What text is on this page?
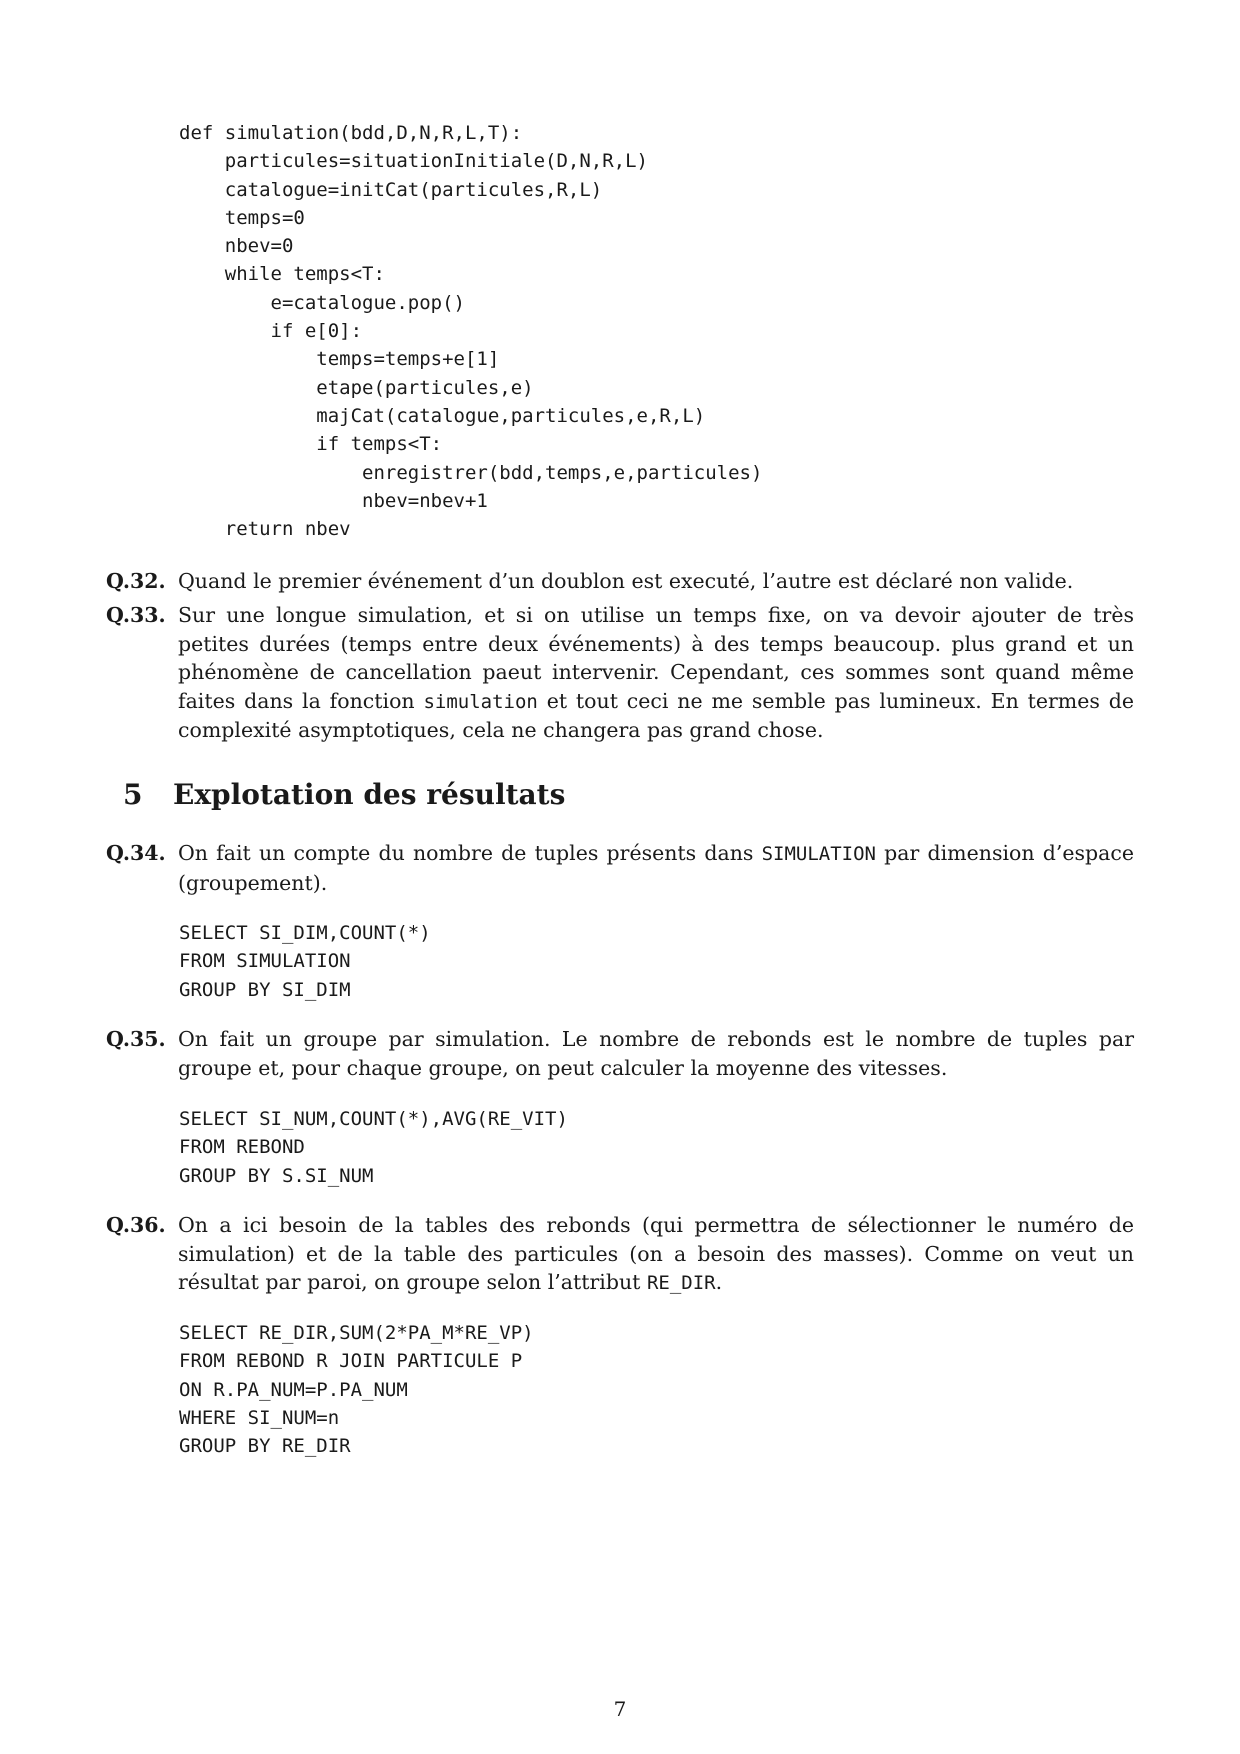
def simulation(bdd,D,N,R,L,T):
particules=situationInitiale(D,N,R,L)
catalogue=initCat(particules,R,L)
temps=0
nbev=0
while temps<T:
e=catalogue.pop()
if e[0]:
temps=temps+e[1]
etape(particules,e)
majCat(catalogue,particules,e,R,L)
if temps<T:
enregistrer(bdd,temps,e,particules)
nbev=nbev+1
return nbev
Q.32. Quand le premier événement d’un doublon est executé, l’autre est déclaré non valide.
Q.33. Sur une longue simulation, et si on utilise un temps fixe, on va devoir ajouter de très petites durées (temps entre deux événements) à des temps beaucoup. plus grand et un phénomène de cancellation paeut intervenir. Cependant, ces sommes sont quand même faites dans la fonction simulation et tout ceci ne me semble pas lumineux. En termes de complexité asymptotiques, cela ne changera pas grand chose.
5 Explotation des résultats
Q.34. On fait un compte du nombre de tuples présents dans SIMULATION par dimension d’espace (groupement).
SELECT SI_DIM,COUNT(*)
FROM SIMULATION
GROUP BY SI_DIM
Q.35. On fait un groupe par simulation. Le nombre de rebonds est le nombre de tuples par groupe et, pour chaque groupe, on peut calculer la moyenne des vitesses.
SELECT SI_NUM,COUNT(*),AVG(RE_VIT)
FROM REBOND
GROUP BY S.SI_NUM
Q.36. On a ici besoin de la tables des rebonds (qui permettra de sélectionner le numéro de simulation) et de la table des particules (on a besoin des masses). Comme on veut un résultat par paroi, on groupe selon l’attribut RE_DIR.
SELECT RE_DIR,SUM(2*PA_M*RE_VP)
FROM REBOND R JOIN PARTICULE P
ON R.PA_NUM=P.PA_NUM
WHERE SI_NUM=n
GROUP BY RE_DIR
7
